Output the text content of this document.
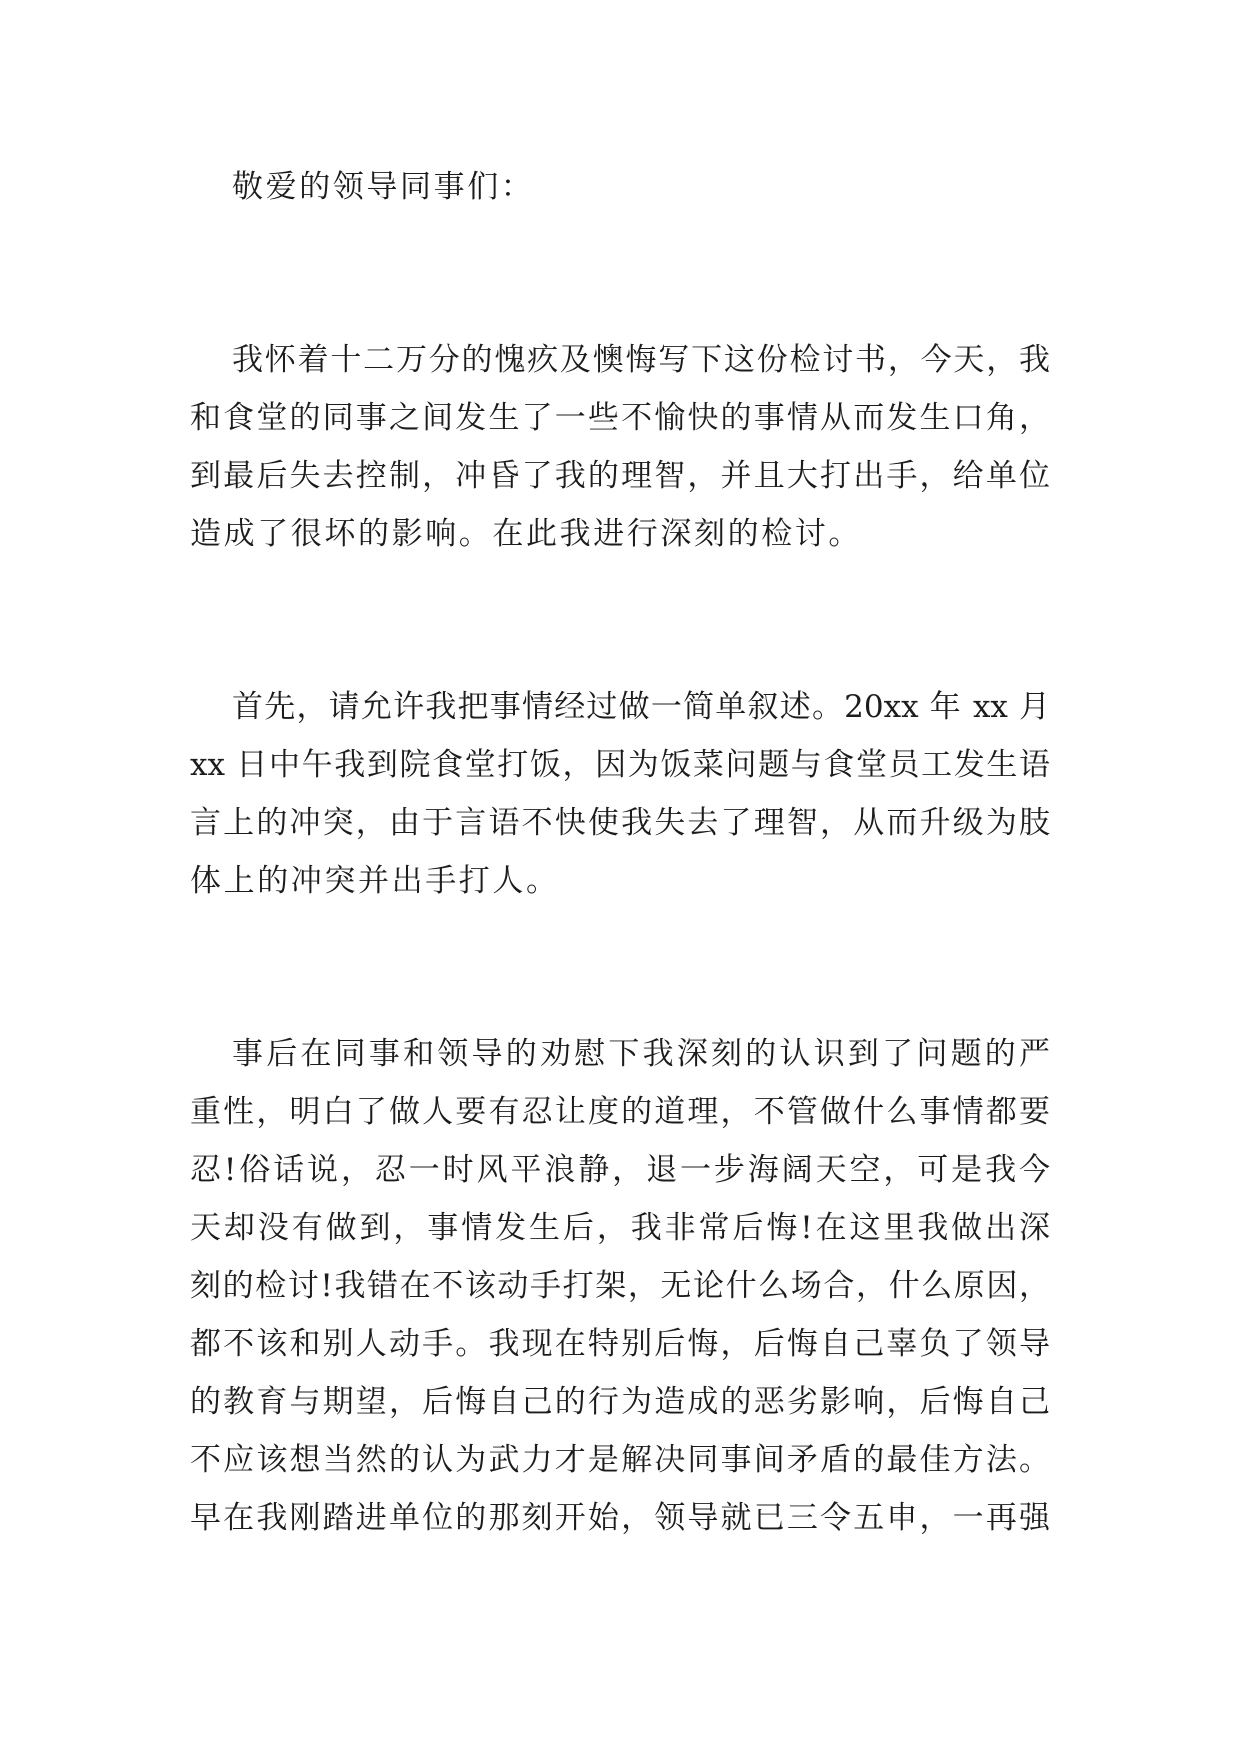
敬爱的领导同事们：
我怀着十二万分的愧疚及懊悔写下这份检讨书，今天，我
和食堂的同事之间发生了一些不愉快的事情从而发生口角，
到最后失去控制，冲昏了我的理智，并且大打出手，给单位
造成了很坏的影响。在此我进行深刻的检讨。
首先，请允许我把事情经过做一简单叙述。20xx 年 xx 月
xx 日中午我到院食堂打饭，因为饭菜问题与食堂员工发生语
言上的冲突，由于言语不快使我失去了理智，从而升级为肢
体上的冲突并出手打人。
事后在同事和领导的劝慰下我深刻的认识到了问题的严
重性，明白了做人要有忍让度的道理，不管做什么事情都要
忍!俗话说，忍一时风平浪静，退一步海阔天空，可是我今
天却没有做到，事情发生后，我非常后悔!在这里我做出深
刻的检讨!我错在不该动手打架，无论什么场合，什么原因，
都不该和别人动手。我现在特别后悔，后悔自己辜负了领导
的教育与期望，后悔自己的行为造成的恶劣影响，后悔自己
不应该想当然的认为武力才是解决同事间矛盾的最佳方法。
早在我刚踏进单位的那刻开始，领导就已三令五申，一再强
